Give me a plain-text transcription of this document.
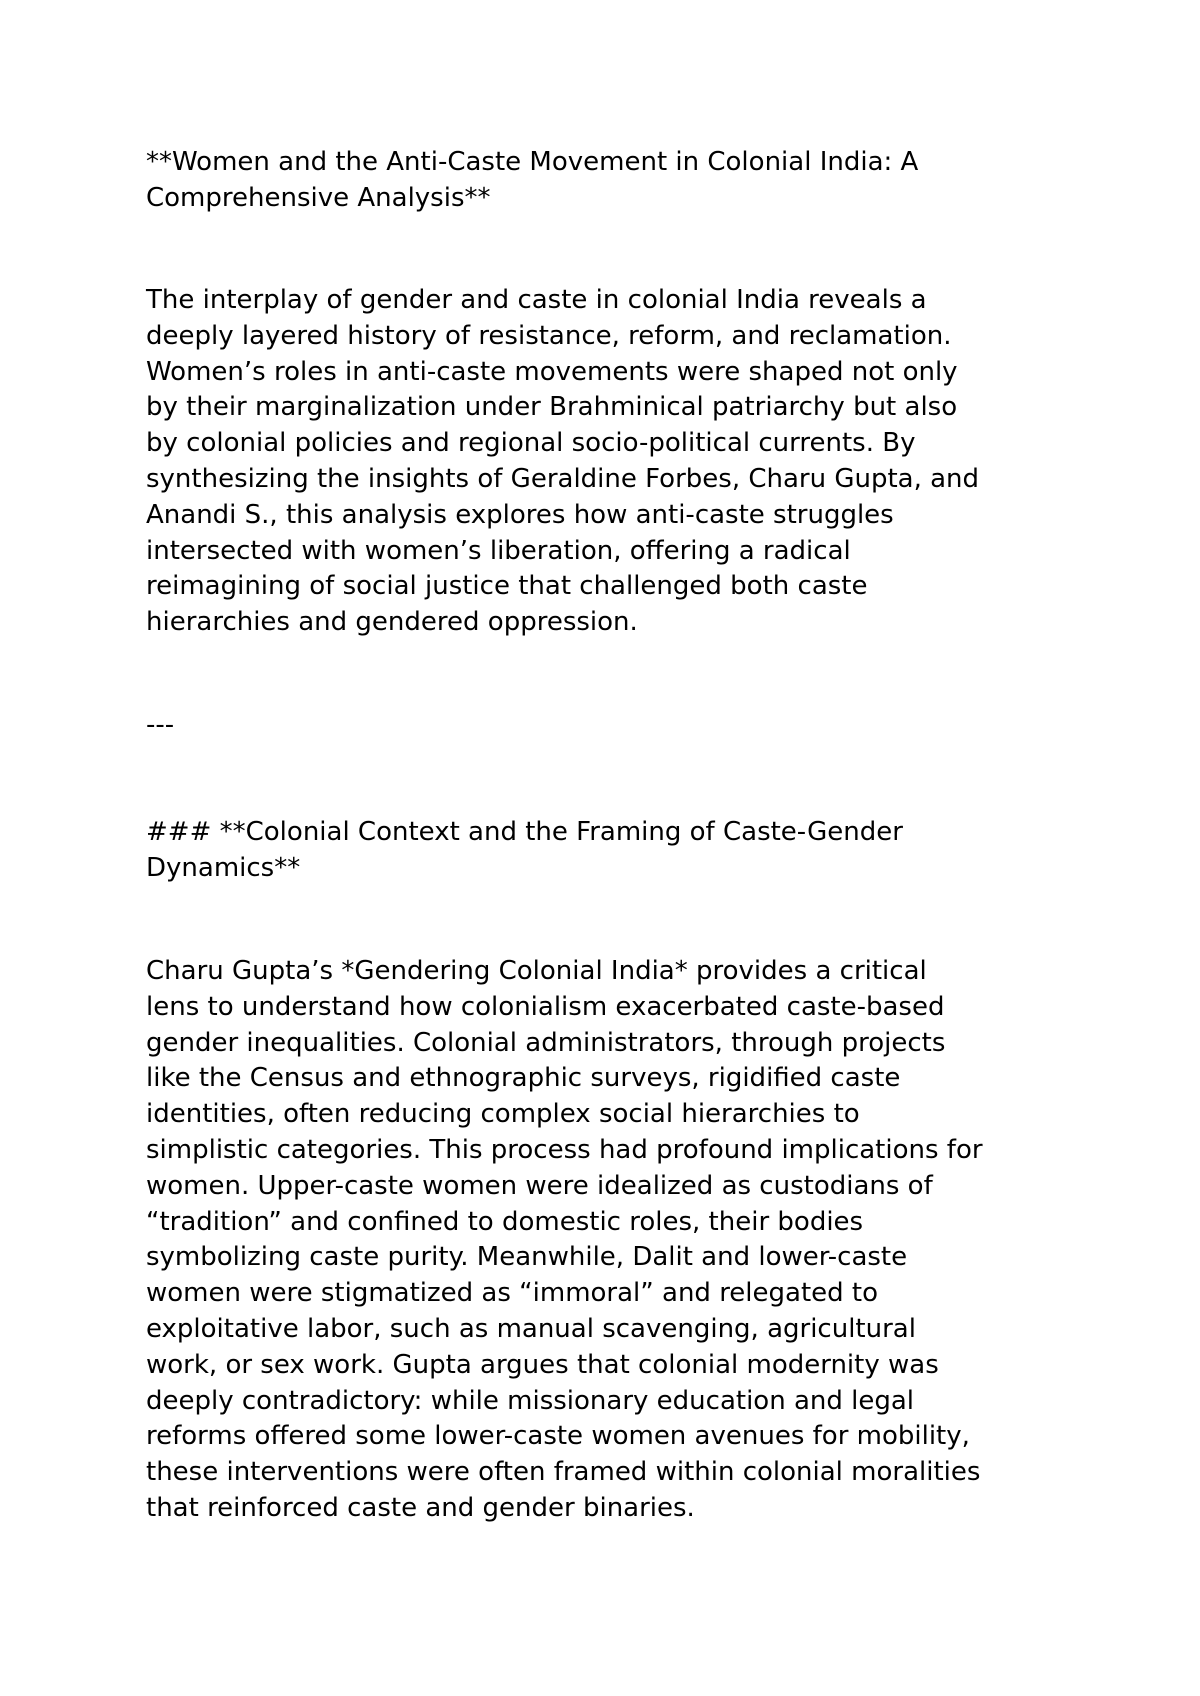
**Women and the Anti-Caste Movement in Colonial India: A
Comprehensive Analysis**

The interplay of gender and caste in colonial India reveals a
deeply layered history of resistance, reform, and reclamation.
Women’s roles in anti-caste movements were shaped not only
by their marginalization under Brahminical patriarchy but also
by colonial policies and regional socio-political currents. By
synthesizing the insights of Geraldine Forbes, Charu Gupta, and
Anandi S., this analysis explores how anti-caste struggles
intersected with women’s liberation, offering a radical
reimagining of social justice that challenged both caste
hierarchies and gendered oppression.

---

### **Colonial Context and the Framing of Caste-Gender
Dynamics**

Charu Gupta’s *Gendering Colonial India* provides a critical
lens to understand how colonialism exacerbated caste-based
gender inequalities. Colonial administrators, through projects
like the Census and ethnographic surveys, rigidified caste
identities, often reducing complex social hierarchies to
simplistic categories. This process had profound implications for
women. Upper-caste women were idealized as custodians of
“tradition” and confined to domestic roles, their bodies
symbolizing caste purity. Meanwhile, Dalit and lower-caste
women were stigmatized as “immoral” and relegated to
exploitative labor, such as manual scavenging, agricultural
work, or sex work. Gupta argues that colonial modernity was
deeply contradictory: while missionary education and legal
reforms offered some lower-caste women avenues for mobility,
these interventions were often framed within colonial moralities
that reinforced caste and gender binaries.
